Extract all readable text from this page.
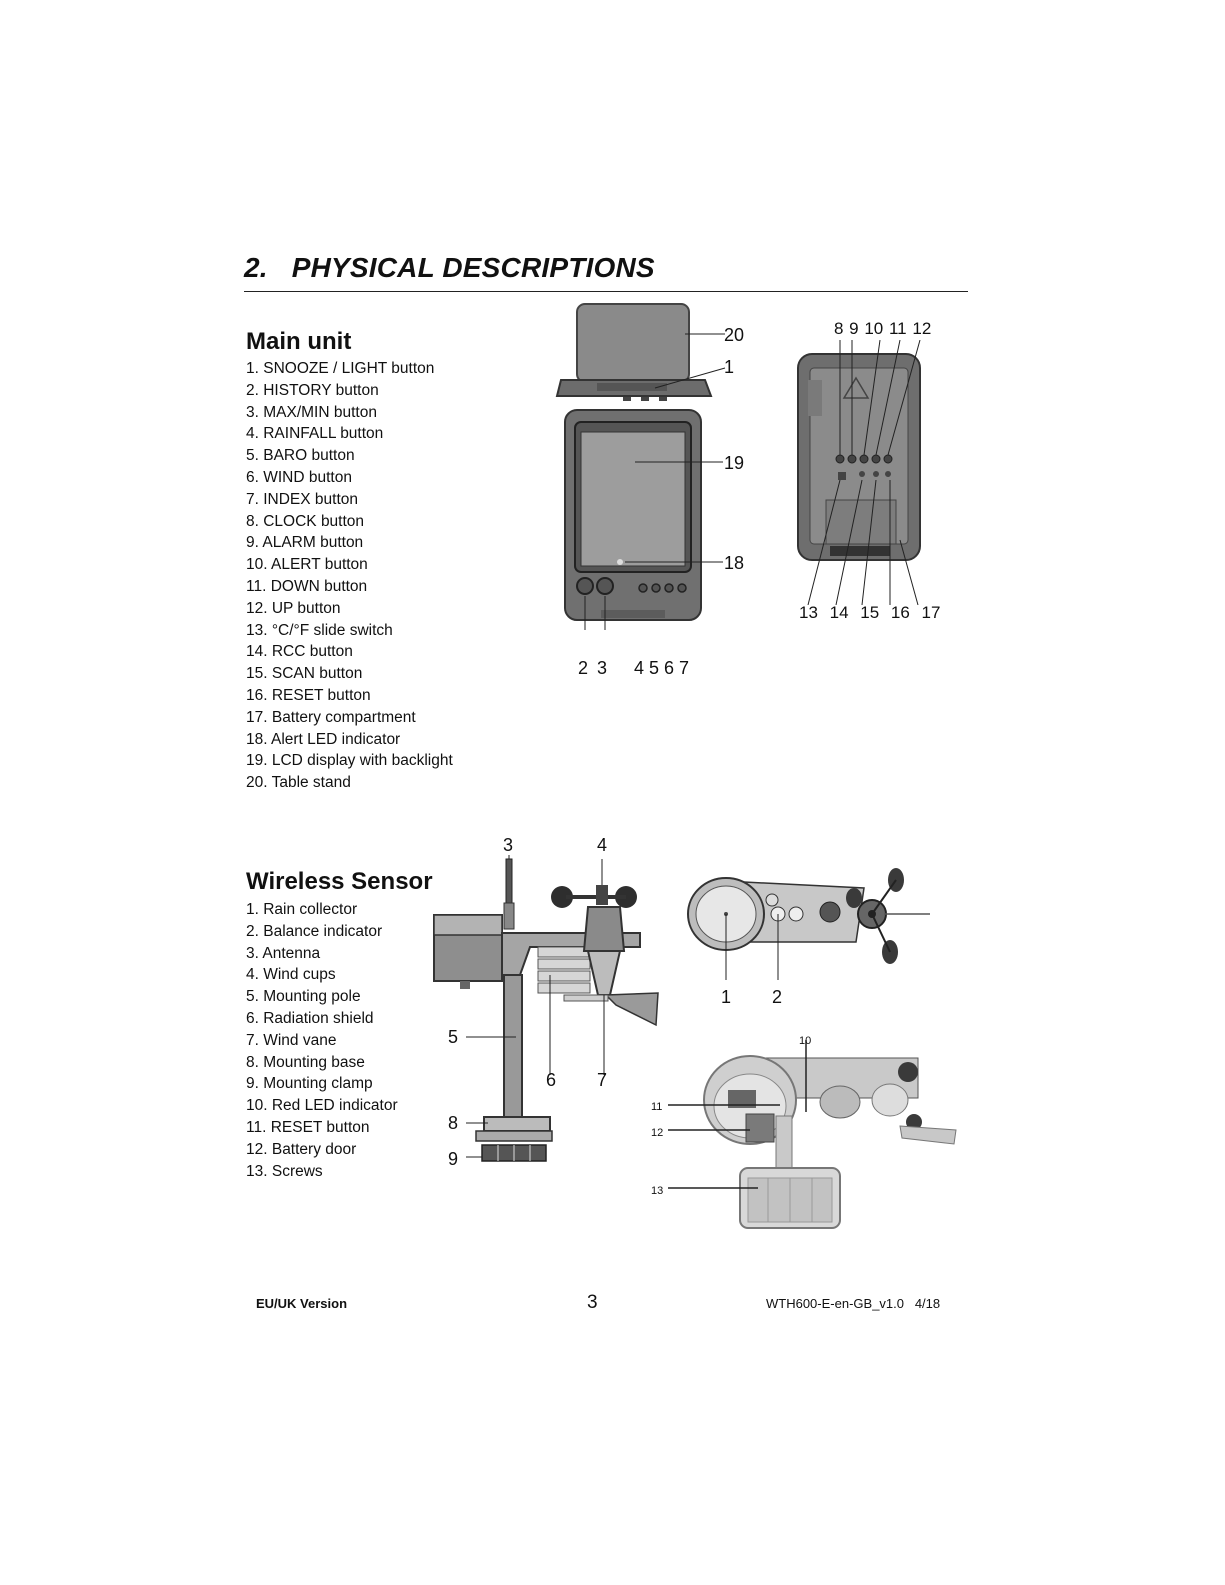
2. PHYSICAL DESCRIPTIONS
Main unit
1. SNOOZE / LIGHT button
2. HISTORY button
3. MAX/MIN button
4. RAINFALL button
5. BARO button
6. WIND button
7. INDEX button
8. CLOCK button
9. ALARM button
10. ALERT button
11. DOWN button
12. UP button
13. °C/°F slide switch
14. RCC button
15. SCAN button
16. RESET button
17. Battery compartment
18. Alert LED indicator
19. LCD display with backlight
20. Table stand
20
1
19
18
2 3 4 5 6 7
8 9 10 11 12
13 14 15 16 17
Wireless Sensor
1. Rain collector
2. Balance indicator
3. Antenna
4. Wind cups
5. Mounting pole
6. Radiation shield
7. Wind vane
8. Mounting base
9. Mounting clamp
10. Red LED indicator
11. RESET button
12. Battery door
13. Screws
3	4
5
6 7
8
9
1 2
10
11
12
13
EU/UK Version	3	WTH600-E-en-GB_v1.0   4/18
